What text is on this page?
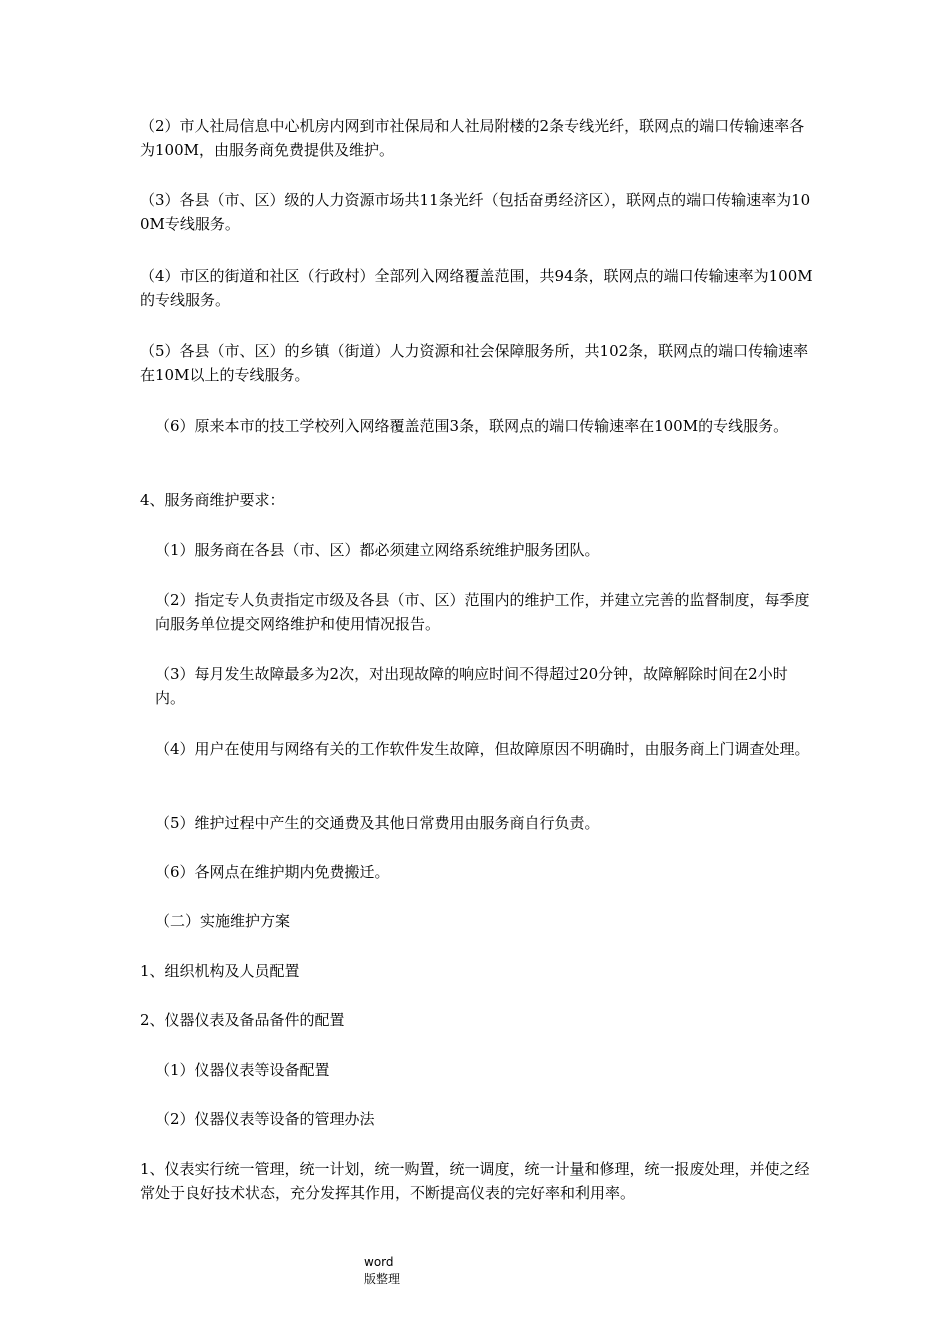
（2）市人社局信息中心机房内网到市社保局和人社局附楼的2条专线光纤，联网点的端口传输速率各为100M，由服务商免费提供及维护。

（3）各县（市、区）级的人力资源市场共11条光纤（包括奋勇经济区），联网点的端口传输速率为100M专线服务。

（4）市区的街道和社区（行政村）全部列入网络覆盖范围，共94条，联网点的端口传输速率为100M的专线服务。

（5）各县（市、区）的乡镇（街道）人力资源和社会保障服务所，共102条，联网点的端口传输速率在10M以上的专线服务。

（6）原来本市的技工学校列入网络覆盖范围3条，联网点的端口传输速率在100M的专线服务。

4、服务商维护要求：

（1）服务商在各县（市、区）都必须建立网络系统维护服务团队。

（2）指定专人负责指定市级及各县（市、区）范围内的维护工作，并建立完善的监督制度，每季度向服务单位提交网络维护和使用情况报告。

（3）每月发生故障最多为2次，对出现故障的响应时间不得超过20分钟，故障解除时间在2小时内。

（4）用户在使用与网络有关的工作软件发生故障，但故障原因不明确时，由服务商上门调查处理。

（5）维护过程中产生的交通费及其他日常费用由服务商自行负责。

（6）各网点在维护期内免费搬迁。

（二）实施维护方案

1、组织机构及人员配置

2、仪器仪表及备品备件的配置

（1）仪器仪表等设备配置

（2）仪器仪表等设备的管理办法

1、仪表实行统一管理，统一计划，统一购置，统一调度，统一计量和修理，统一报废处理，并使之经常处于良好技术状态，充分发挥其作用，不断提高仪表的完好率和利用率。

word
版整理
